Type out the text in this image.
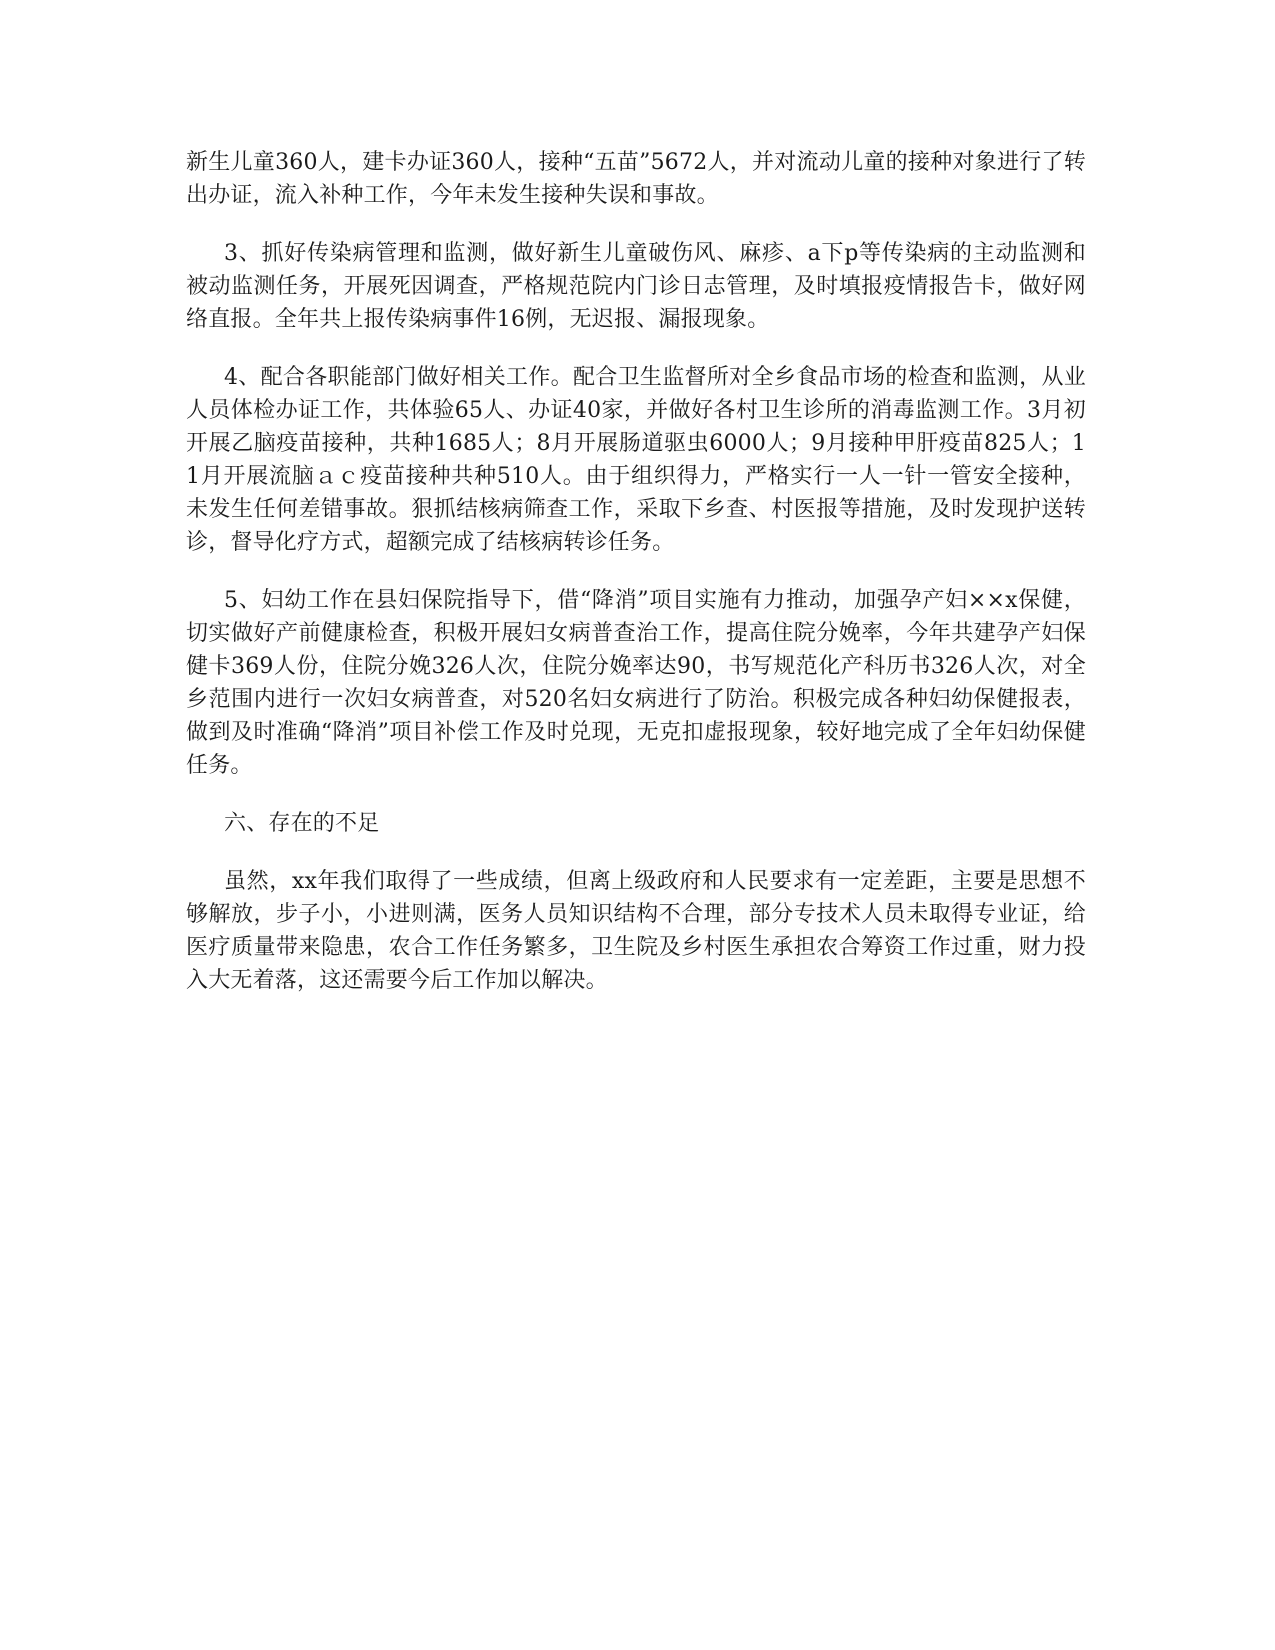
新生儿童360人，建卡办证360人，接种“五苗”5672人，并对流动儿童的接种对象进行了转出办证，流入补种工作，今年未发生接种失误和事故。

3、抓好传染病管理和监测，做好新生儿童破伤风、麻疹、a下p等传染病的主动监测和被动监测任务，开展死因调查，严格规范院内门诊日志管理，及时填报疫情报告卡，做好网络直报。全年共上报传染病事件16例，无迟报、漏报现象。

4、配合各职能部门做好相关工作。配合卫生监督所对全乡食品市场的检查和监测，从业人员体检办证工作，共体验65人、办证40家，并做好各村卫生诊所的消毒监测工作。3月初开展乙脑疫苗接种，共种1685人；8月开展肠道驱虫6000人；9月接种甲肝疫苗825人；11月开展流脑ａｃ疫苗接种共种510人。由于组织得力，严格实行一人一针一管安全接种，未发生任何差错事故。狠抓结核病筛查工作，采取下乡查、村医报等措施，及时发现护送转诊，督导化疗方式，超额完成了结核病转诊任务。

5、妇幼工作在县妇保院指导下，借“降消”项目实施有力推动，加强孕产妇××x保健，切实做好产前健康检查，积极开展妇女病普查治工作，提高住院分娩率，今年共建孕产妇保健卡369人份，住院分娩326人次，住院分娩率达90，书写规范化产科历书326人次，对全乡范围内进行一次妇女病普查，对520名妇女病进行了防治。积极完成各种妇幼保健报表，做到及时准确“降消”项目补偿工作及时兑现，无克扣虚报现象，较好地完成了全年妇幼保健任务。

六、存在的不足

虽然，xx年我们取得了一些成绩，但离上级政府和人民要求有一定差距，主要是思想不够解放，步子小，小进则满，医务人员知识结构不合理，部分专技术人员未取得专业证，给医疗质量带来隐患，农合工作任务繁多，卫生院及乡村医生承担农合筹资工作过重，财力投入大无着落，这还需要今后工作加以解决。
